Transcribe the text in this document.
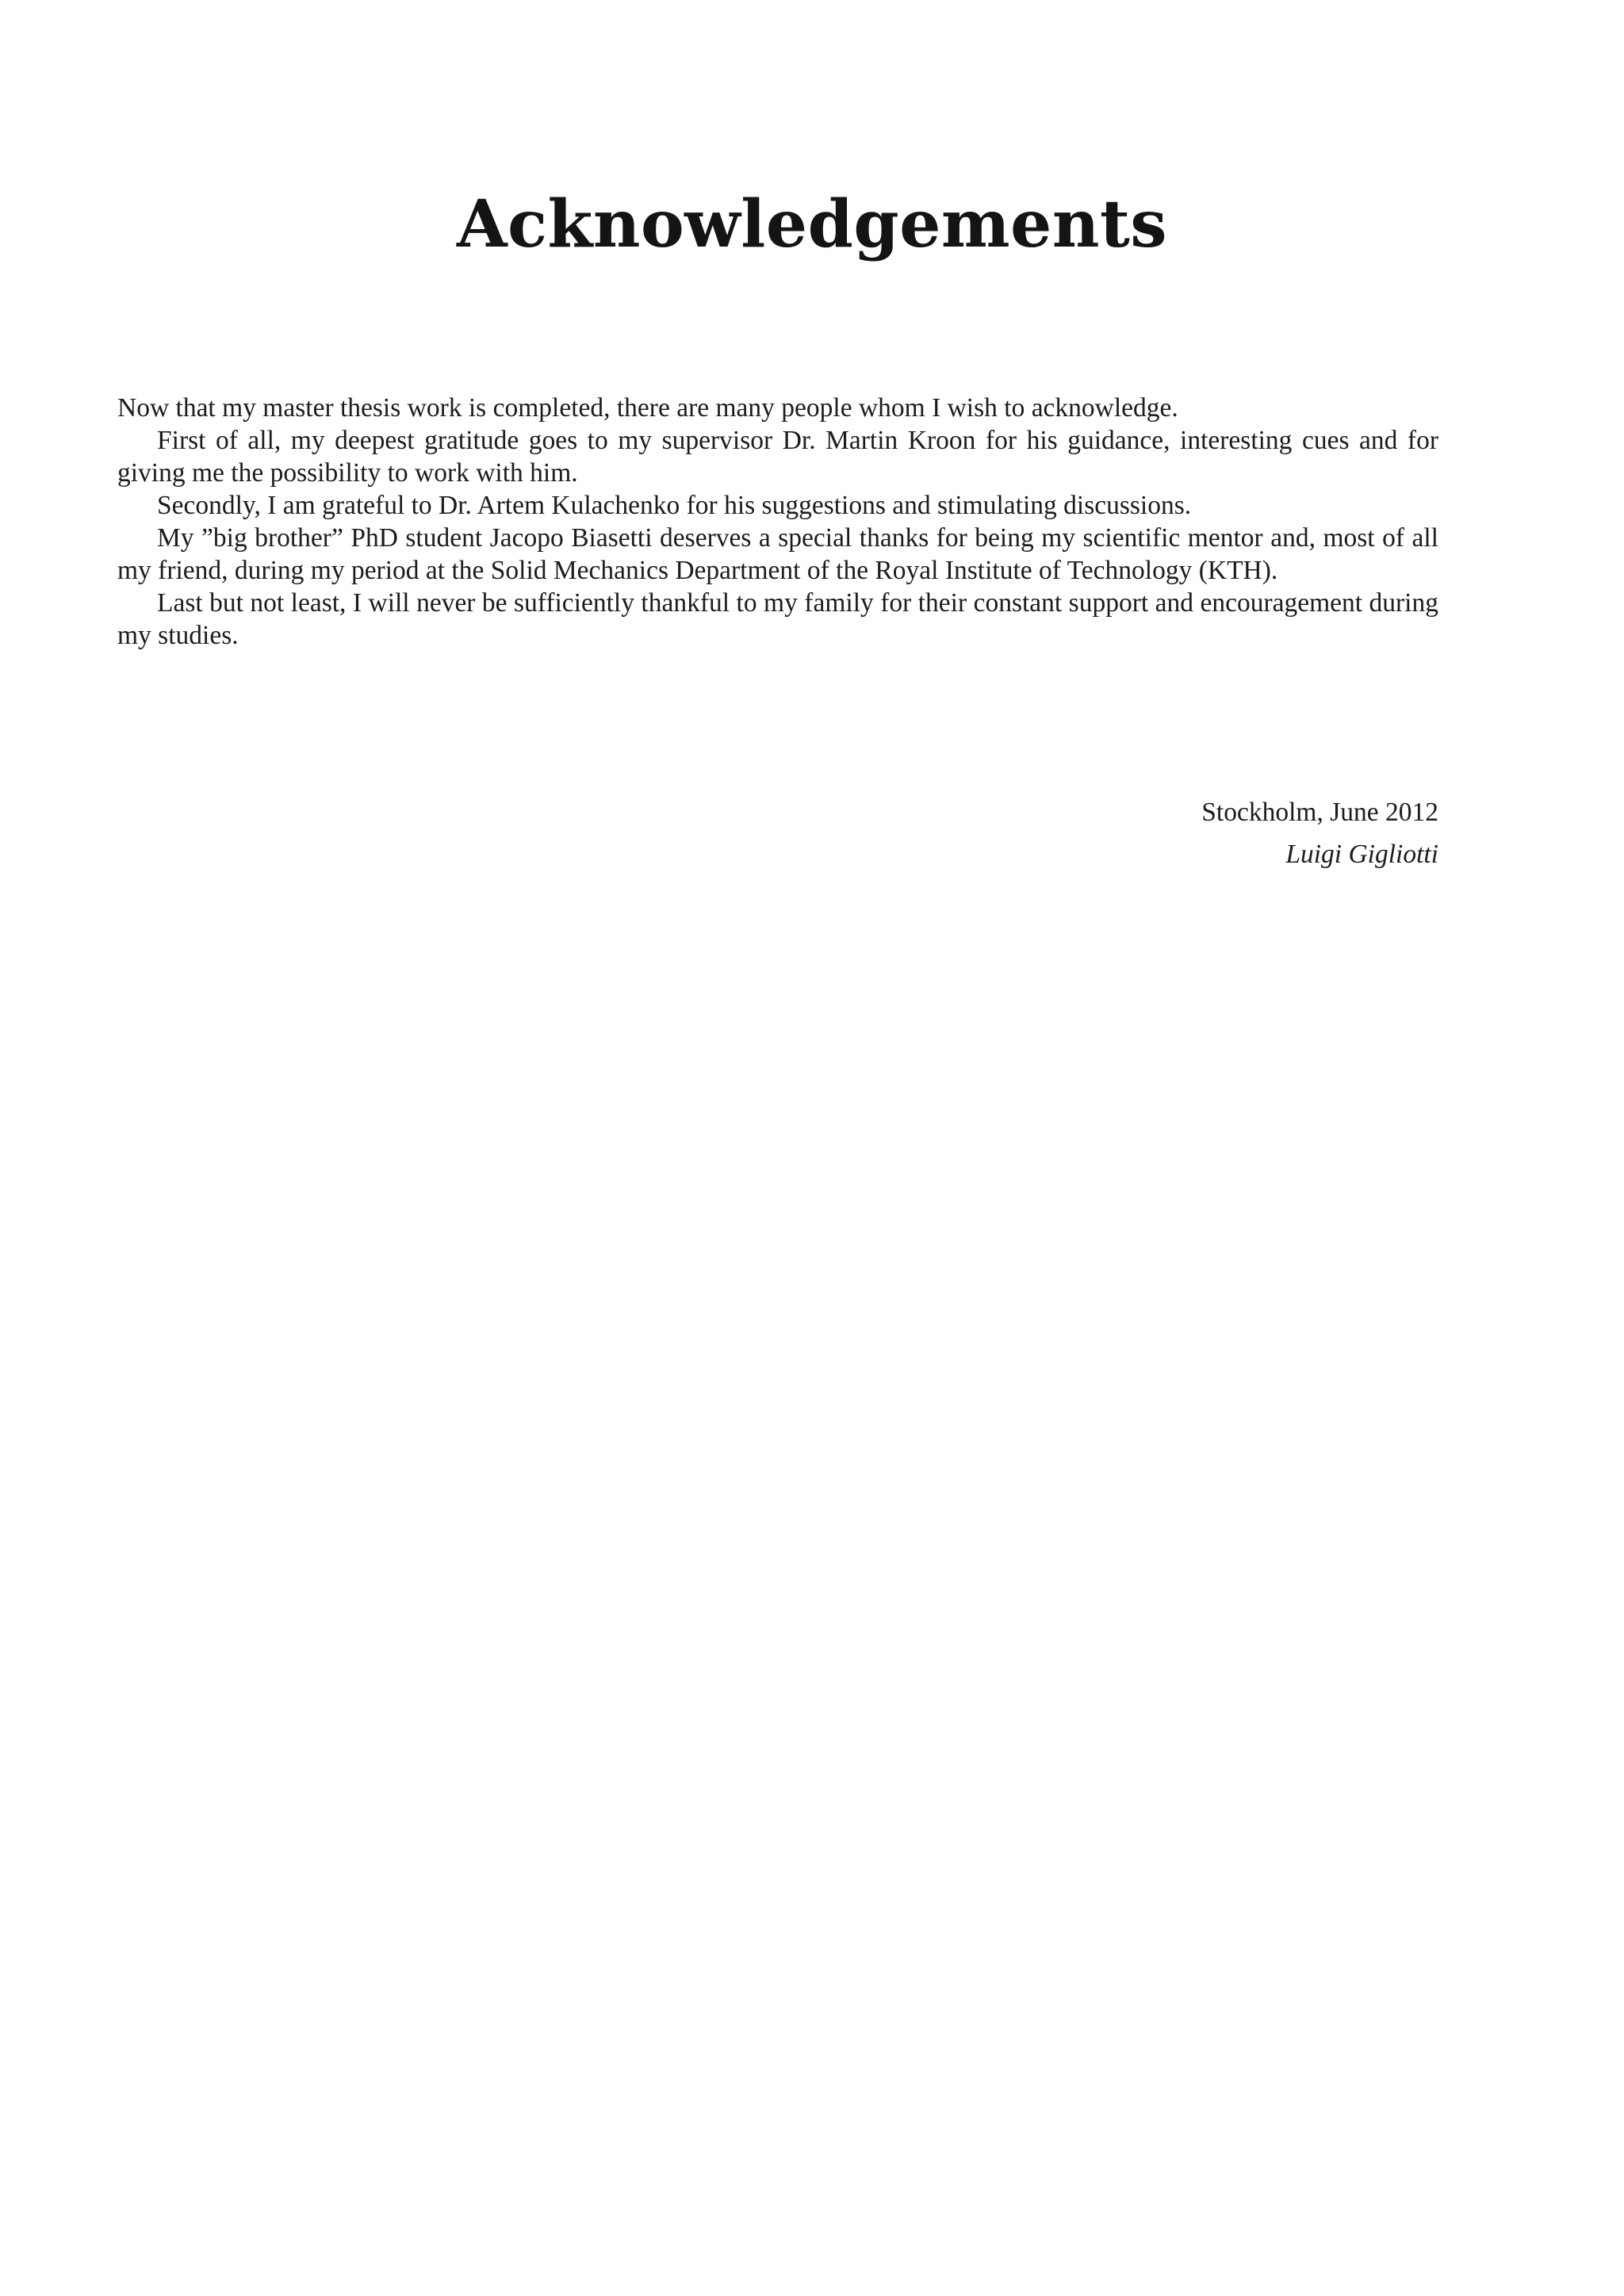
Acknowledgements

Now that my master thesis work is completed, there are many people whom I wish to acknowledge.

First of all, my deepest gratitude goes to my supervisor Dr. Martin Kroon for his guidance, interesting cues and for giving me the possibility to work with him.

Secondly, I am grateful to Dr. Artem Kulachenko for his suggestions and stimulating discussions.

My ”big brother” PhD student Jacopo Biasetti deserves a special thanks for being my scientific mentor and, most of all my friend, during my period at the Solid Mechanics Department of the Royal Institute of Technology (KTH).

Last but not least, I will never be sufficiently thankful to my family for their constant support and encouragement during my studies.

Stockholm, June 2012
Luigi Gigliotti
